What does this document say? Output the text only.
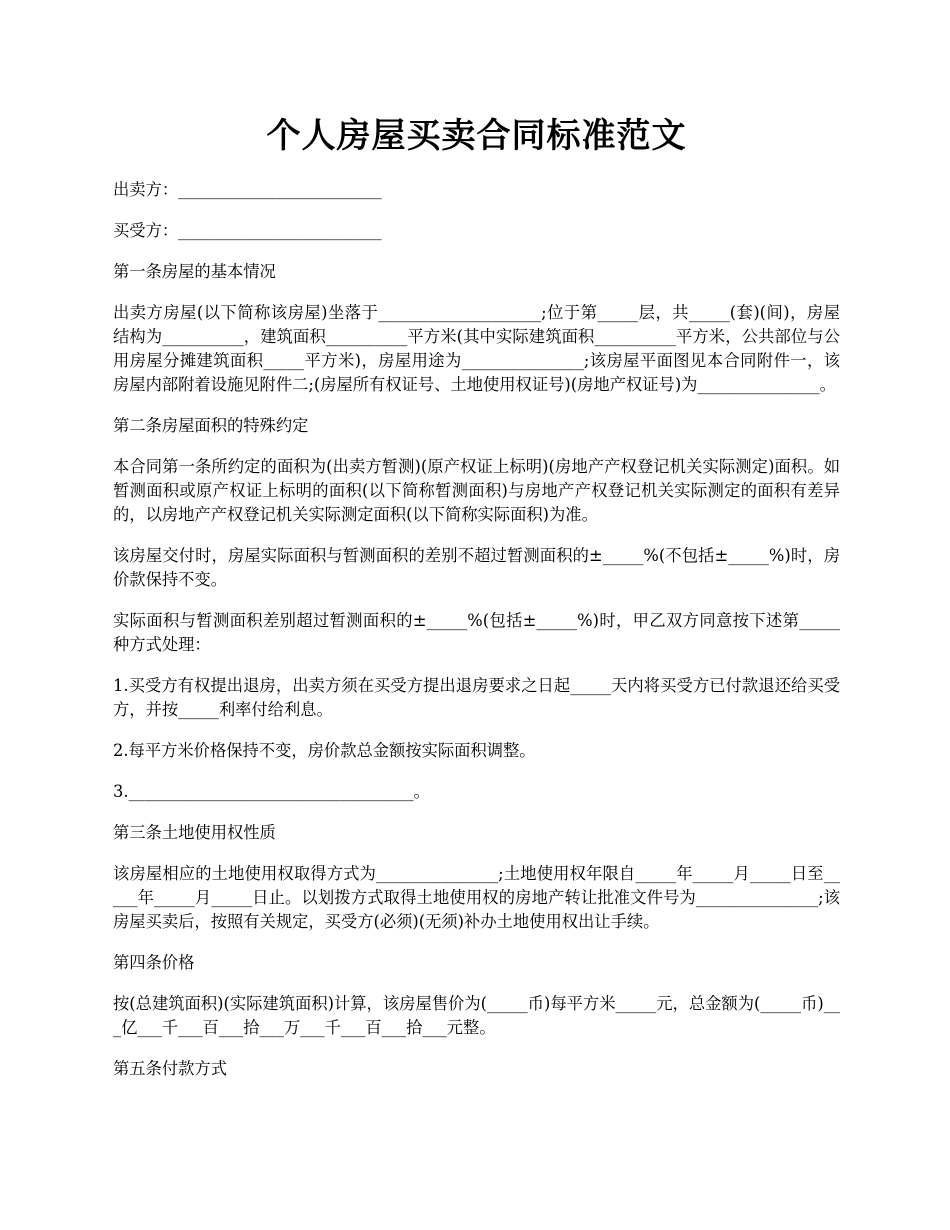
个人房屋买卖合同标准范文

出卖方：_________________________

买受方：_________________________

第一条房屋的基本情况

出卖方房屋(以下简称该房屋)坐落于____________________;位于第_____层，共_____(套)(间)，房屋结构为__________，建筑面积__________平方米(其中实际建筑面积__________平方米，公共部位与公用房屋分摊建筑面积_____平方米)，房屋用途为_______________;该房屋平面图见本合同附件一，该房屋内部附着设施见附件二;(房屋所有权证号、土地使用权证号)(房地产权证号)为_______________。

第二条房屋面积的特殊约定

本合同第一条所约定的面积为(出卖方暂测)(原产权证上标明)(房地产产权登记机关实际测定)面积。如暂测面积或原产权证上标明的面积(以下简称暂测面积)与房地产产权登记机关实际测定的面积有差异的，以房地产产权登记机关实际测定面积(以下简称实际面积)为准。

该房屋交付时，房屋实际面积与暂测面积的差别不超过暂测面积的±_____%(不包括±_____%)时，房价款保持不变。

实际面积与暂测面积差别超过暂测面积的±_____%(包括±_____%)时，甲乙双方同意按下述第_____种方式处理：

1.买受方有权提出退房，出卖方须在买受方提出退房要求之日起_____天内将买受方已付款退还给买受方，并按_____利率付给利息。

2.每平方米价格保持不变，房价款总金额按实际面积调整。

3.___________________________________。

第三条土地使用权性质

该房屋相应的土地使用权取得方式为_______________;土地使用权年限自_____年_____月_____日至_____年_____月_____日止。以划拨方式取得土地使用权的房地产转让批准文件号为_______________;该房屋买卖后，按照有关规定，买受方(必须)(无须)补办土地使用权出让手续。

第四条价格

按(总建筑面积)(实际建筑面积)计算，该房屋售价为(_____币)每平方米_____元，总金额为(_____币)___亿___千___百___拾___万___千___百___拾___元整。

第五条付款方式
